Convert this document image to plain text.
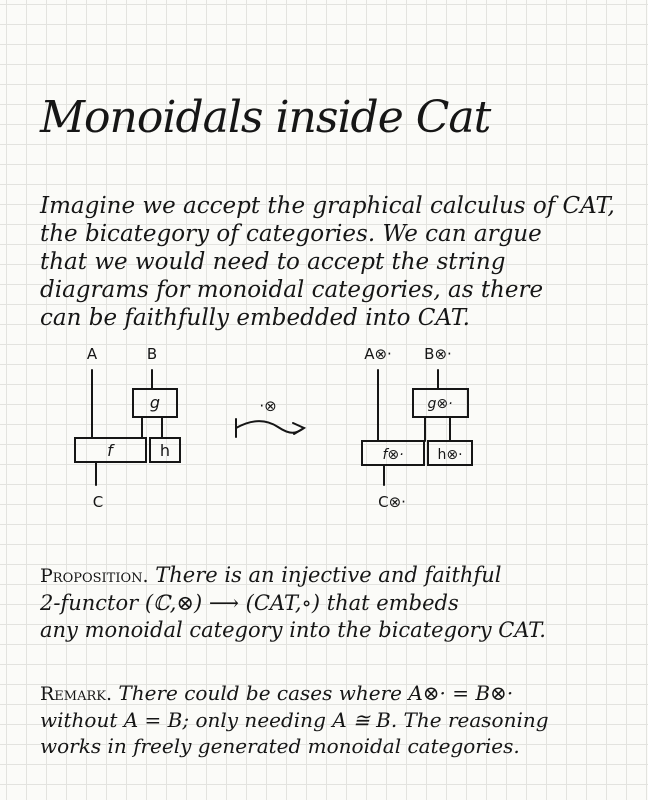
Monoidals inside Cat

Imagine we accept the graphical calculus of CAT,
the bicategory of categories. We can argue
that we would need to accept the string
diagrams for monoidal categories, as there
can be faithfully embedded into CAT.

A	B
g
f	h
C
·⊗
A⊗· B⊗·
g⊗·
f⊗· h⊗·
C⊗·

Proposition. There is an injective and faithful
2-functor (ℂ,⊗) ⟶ (CAT,∘) that embeds
any monoidal category into the bicategory CAT.

Remark. There could be cases where A⊗· = B⊗·
without A = B; only needing A ≅ B. The reasoning
works in freely generated monoidal categories.
